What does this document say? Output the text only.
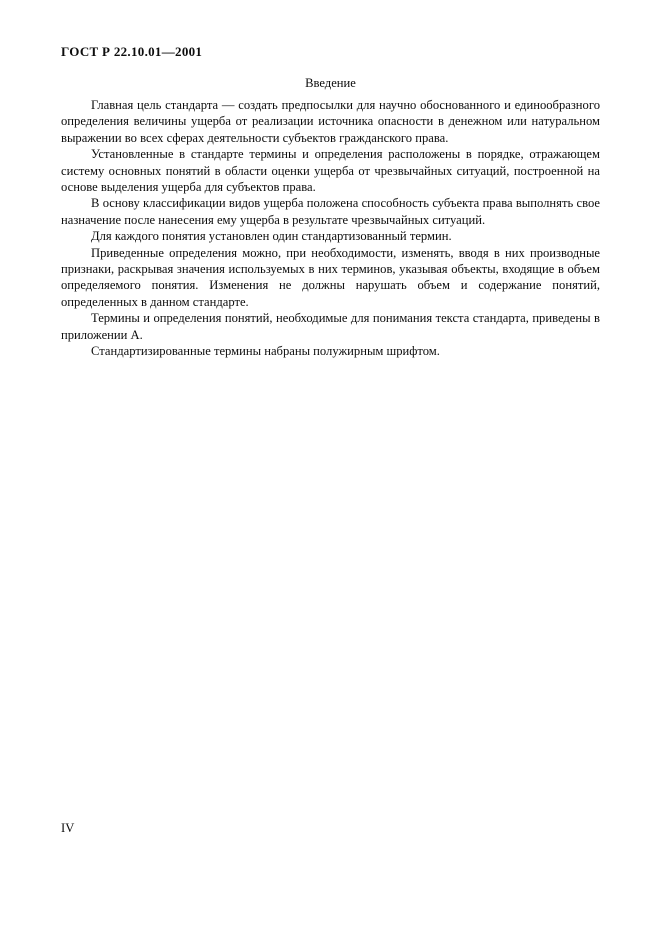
ГОСТ Р 22.10.01—2001
Введение

Главная цель стандарта — создать предпосылки для научно обоснованного и единообразного определения величины ущерба от реализации источника опасности в денежном или натуральном выражении во всех сферах деятельности субъектов гражданского права.

Установленные в стандарте термины и определения расположены в порядке, отражающем систему основных понятий в области оценки ущерба от чрезвычайных ситуаций, построенной на основе выделения ущерба для субъектов права.

В основу классификации видов ущерба положена способность субъекта права выполнять свое назначение после нанесения ему ущерба в результате чрезвычайных ситуаций.

Для каждого понятия установлен один стандартизованный термин.

Приведенные определения можно, при необходимости, изменять, вводя в них производные признаки, раскрывая значения используемых в них терминов, указывая объекты, входящие в объем определяемого понятия. Изменения не должны нарушать объем и содержание понятий, определенных в данном стандарте.

Термины и определения понятий, необходимые для понимания текста стандарта, приведены в приложении А.

Стандартизированные термины набраны полужирным шрифтом.

IV
